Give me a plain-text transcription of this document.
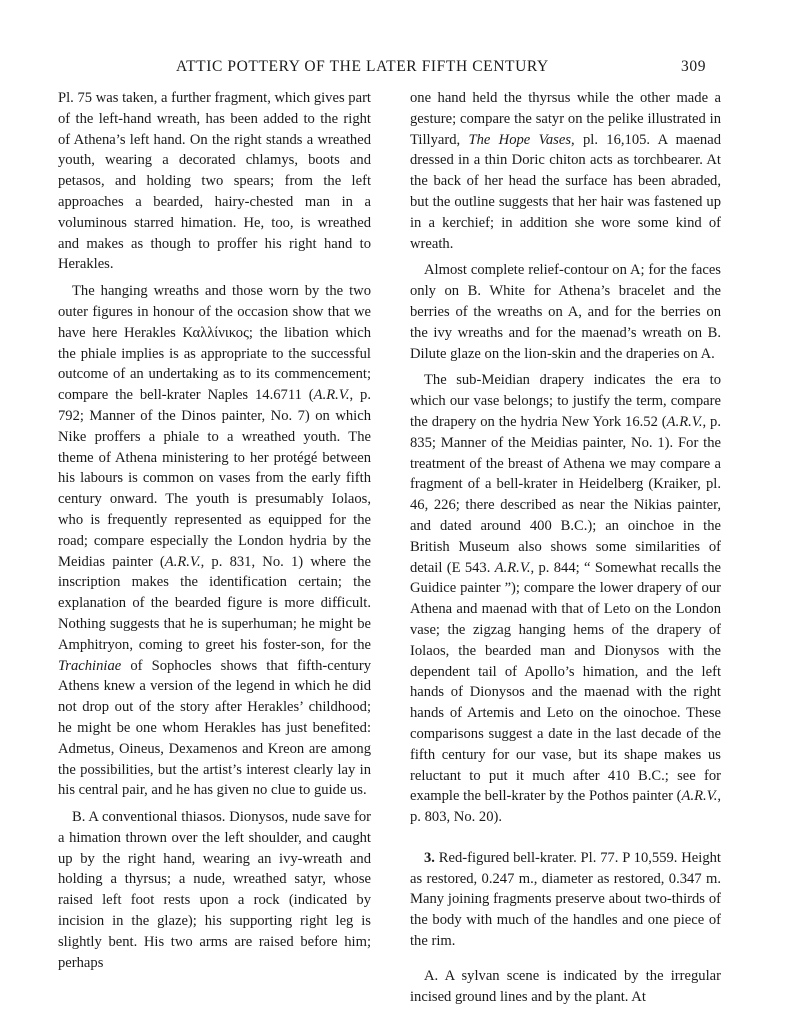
ATTIC POTTERY OF THE LATER FIFTH CENTURY	309

Pl. 75 was taken, a further fragment, which gives part of the left-hand wreath, has been added to the right of Athena’s left hand. On the right stands a wreathed youth, wearing a decorated chlamys, boots and petasos, and holding two spears; from the left approaches a bearded, hairy-chested man in a voluminous starred himation. He, too, is wreathed and makes as though to proffer his right hand to Herakles.

The hanging wreaths and those worn by the two outer figures in honour of the occasion show that we have here Herakles Καλλίνικος; the libation which the phiale implies is as appropriate to the successful outcome of an undertaking as to its commencement; compare the bell-krater Naples 14.6711 (A.R.V., p. 792; Manner of the Dinos painter, No. 7) on which Nike proffers a phiale to a wreathed youth. The theme of Athena ministering to her protégé between his labours is common on vases from the early fifth century onward. The youth is presumably Iolaos, who is frequently represented as equipped for the road; compare especially the London hydria by the Meidias painter (A.R.V., p. 831, No. 1) where the inscription makes the identification certain; the explanation of the bearded figure is more difficult. Nothing suggests that he is superhuman; he might be Amphitryon, coming to greet his foster-son, for the Trachiniae of Sophocles shows that fifth-century Athens knew a version of the legend in which he did not drop out of the story after Herakles’ childhood; he might be one whom Herakles has just benefited: Admetus, Oineus, Dexamenos and Kreon are among the possibilities, but the artist’s interest clearly lay in his central pair, and he has given no clue to guide us.

B. A conventional thiasos. Dionysos, nude save for a himation thrown over the left shoulder, and caught up by the right hand, wearing an ivy-wreath and holding a thyrsus; a nude, wreathed satyr, whose raised left foot rests upon a rock (indicated by incision in the glaze); his supporting right leg is slightly bent. His two arms are raised before him; perhaps

one hand held the thyrsus while the other made a gesture; compare the satyr on the pelike illustrated in Tillyard, The Hope Vases, pl. 16,105. A maenad dressed in a thin Doric chiton acts as torchbearer. At the back of her head the surface has been abraded, but the outline suggests that her hair was fastened up in a kerchief; in addition she wore some kind of wreath.

Almost complete relief-contour on A; for the faces only on B. White for Athena’s bracelet and the berries of the wreaths on A, and for the berries on the ivy wreaths and for the maenad’s wreath on B. Dilute glaze on the lion-skin and the draperies on A.

The sub-Meidian drapery indicates the era to which our vase belongs; to justify the term, compare the drapery on the hydria New York 16.52 (A.R.V., p. 835; Manner of the Meidias painter, No. 1). For the treatment of the breast of Athena we may compare a fragment of a bell-krater in Heidelberg (Kraiker, pl. 46, 226; there described as near the Nikias painter, and dated around 400 B.C.); an oinchoe in the British Museum also shows some similarities of detail (E 543. A.R.V., p. 844; “ Somewhat recalls the Guidice painter ”); compare the lower drapery of our Athena and maenad with that of Leto on the London vase; the zigzag hanging hems of the drapery of Iolaos, the bearded man and Dionysos with the dependent tail of Apollo’s himation, and the left hands of Dionysos and the maenad with the right hands of Artemis and Leto on the oinochoe. These comparisons suggest a date in the last decade of the fifth century for our vase, but its shape makes us reluctant to put it much after 410 B.C.; see for example the bell-krater by the Pothos painter (A.R.V., p. 803, No. 20).

3. Red-figured bell-krater. Pl. 77. P 10,559. Height as restored, 0.247 m., diameter as restored, 0.347 m. Many joining fragments preserve about two-thirds of the body with much of the handles and one piece of the rim.

A. A sylvan scene is indicated by the irregular incised ground lines and by the plant. At
